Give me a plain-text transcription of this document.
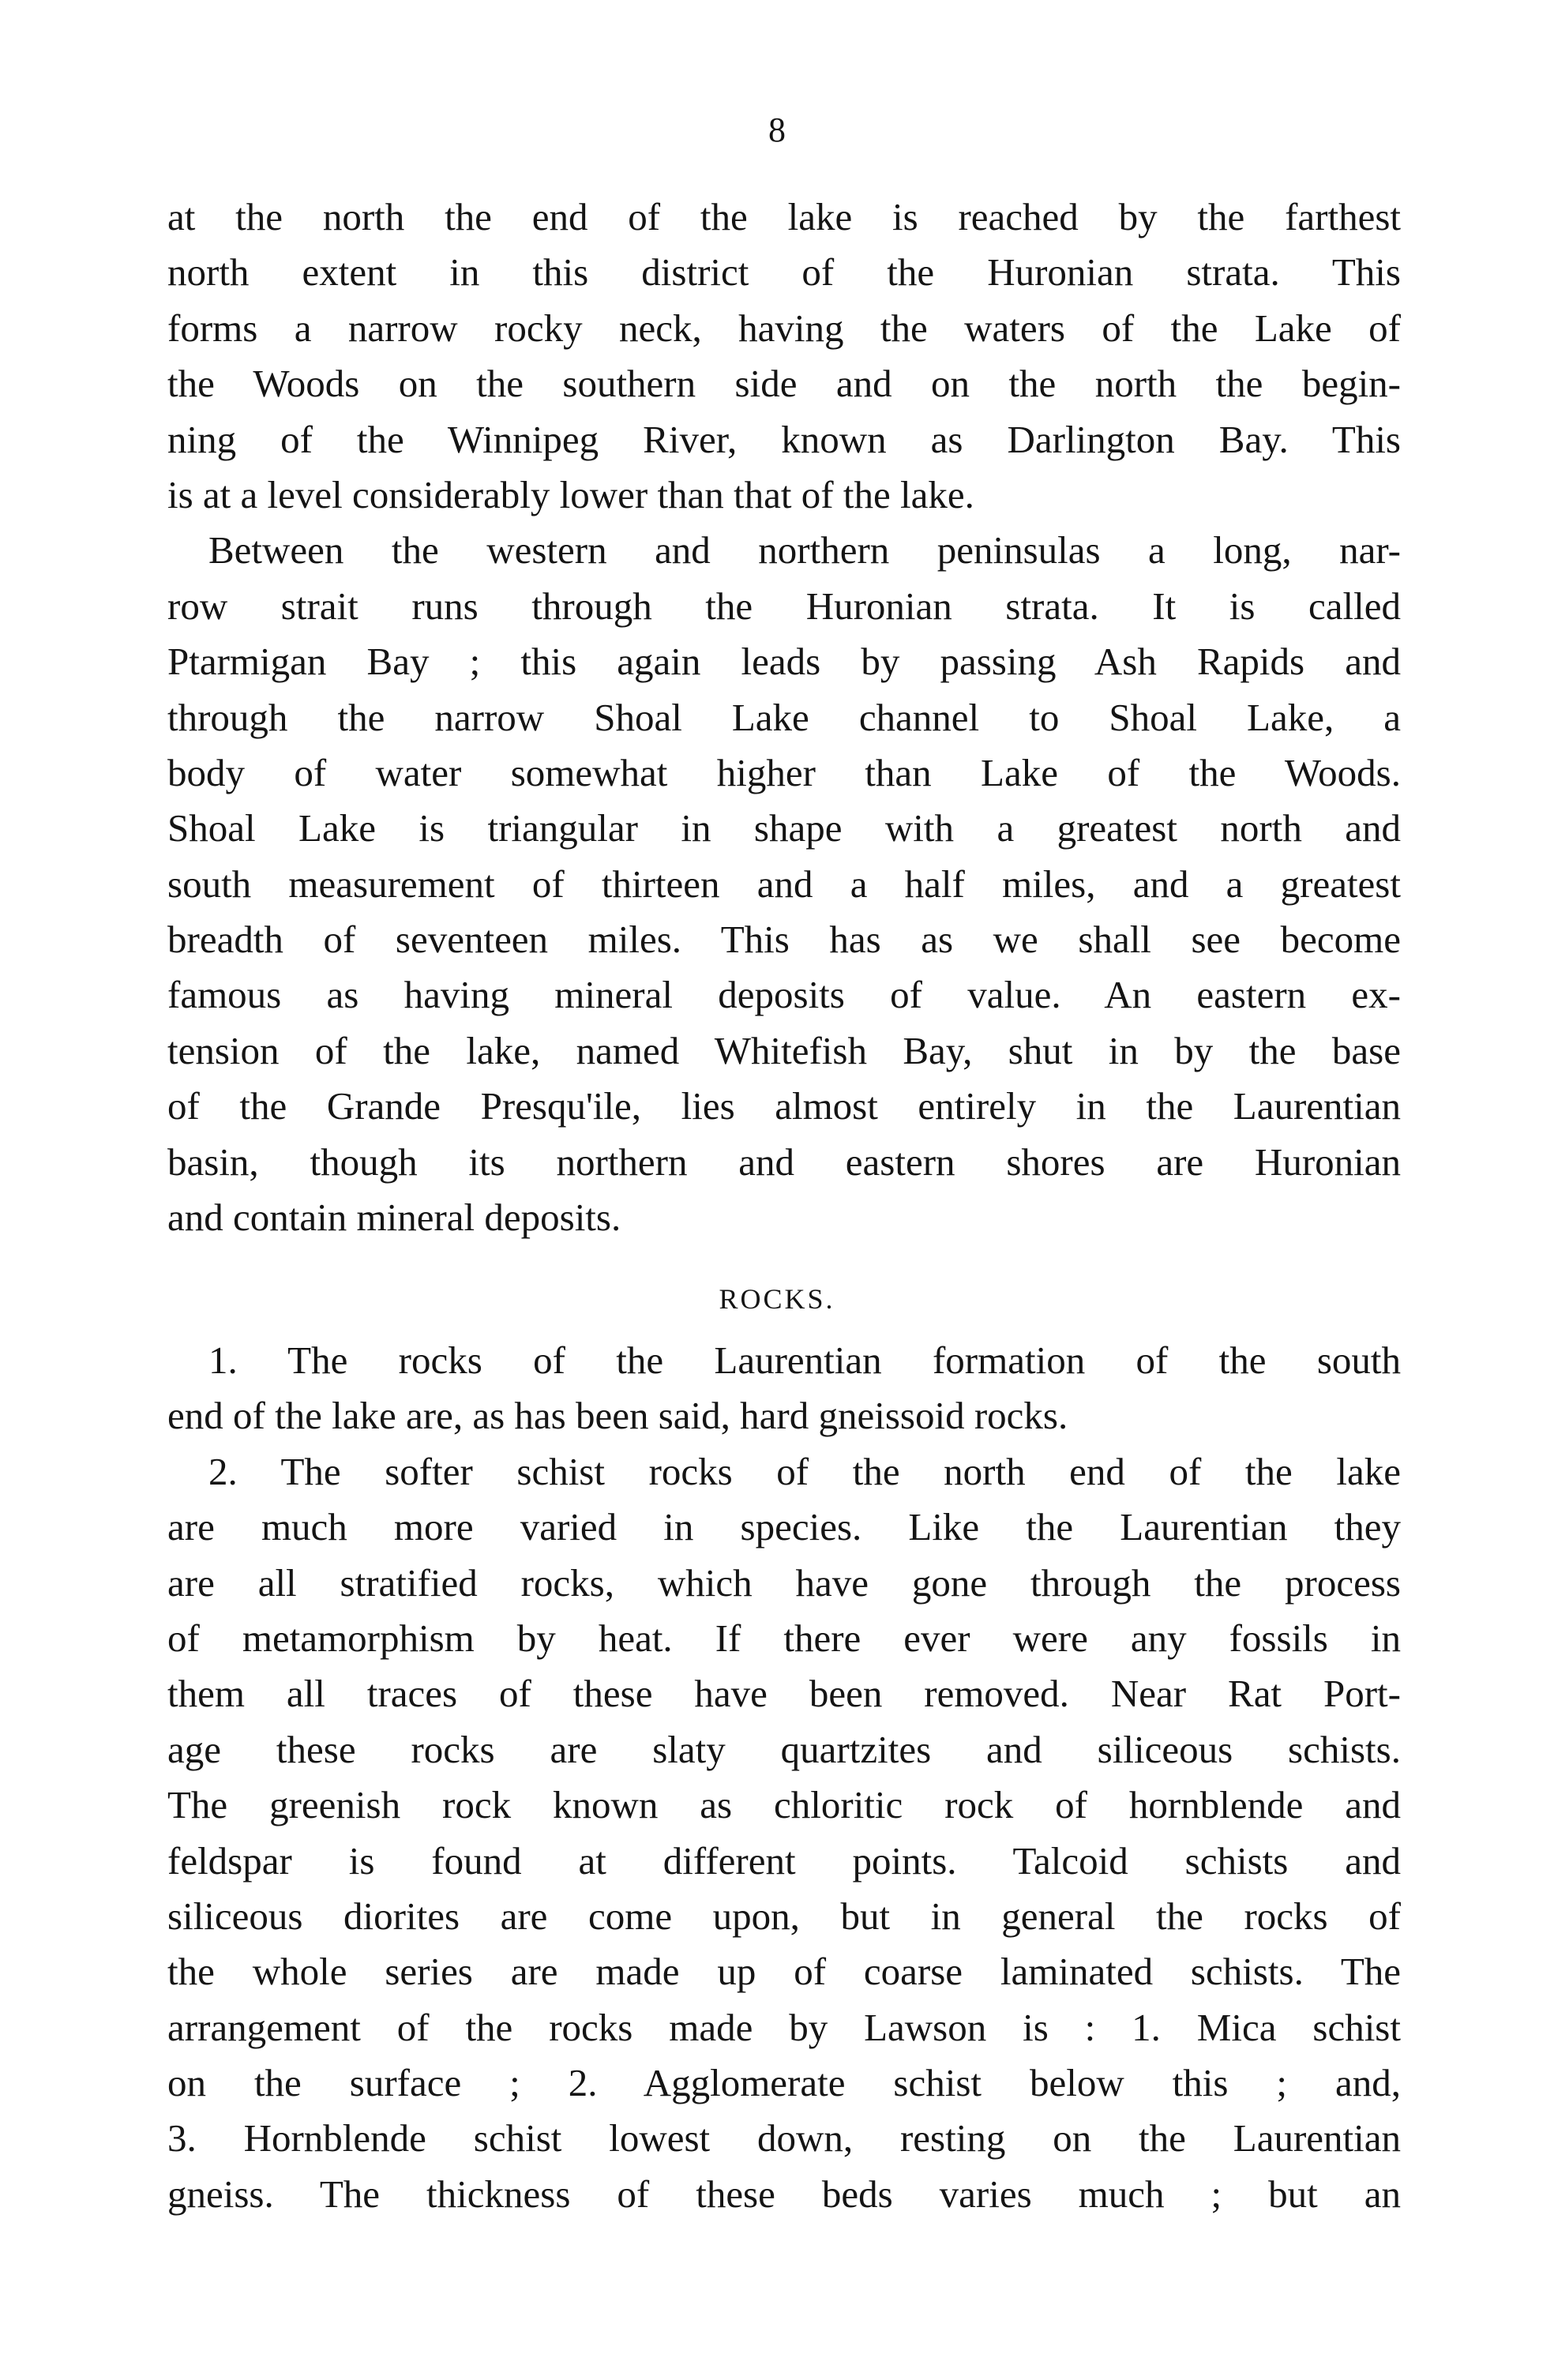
8
at the north the end of the lake is reached by the farthest
north extent in this district of the Huronian strata. This
forms a narrow rocky neck, having the waters of the Lake of
the Woods on the southern side and on the north the begin-
ning of the Winnipeg River, known as Darlington Bay. This
is at a level considerably lower than that of the lake.
Between the western and northern peninsulas a long, nar-
row strait runs through the Huronian strata. It is called
Ptarmigan Bay ; this again leads by passing Ash Rapids and
through the narrow Shoal Lake channel to Shoal Lake, a
body of water somewhat higher than Lake of the Woods.
Shoal Lake is triangular in shape with a greatest north and
south measurement of thirteen and a half miles, and a greatest
breadth of seventeen miles. This has as we shall see become
famous as having mineral deposits of value. An eastern ex-
tension of the lake, named Whitefish Bay, shut in by the base
of the Grande Presqu'ile, lies almost entirely in the Laurentian
basin, though its northern and eastern shores are Huronian
and contain mineral deposits.
ROCKS.
1. The rocks of the Laurentian formation of the south
end of the lake are, as has been said, hard gneissoid rocks.
2. The softer schist rocks of the north end of the lake
are much more varied in species. Like the Laurentian they
are all stratified rocks, which have gone through the process
of metamorphism by heat. If there ever were any fossils in
them all traces of these have been removed. Near Rat Port-
age these rocks are slaty quartzites and siliceous schists.
The greenish rock known as chloritic rock of hornblende and
feldspar is found at different points. Talcoid schists and
siliceous diorites are come upon, but in general the rocks of
the whole series are made up of coarse laminated schists. The
arrangement of the rocks made by Lawson is : 1. Mica schist
on the surface ; 2. Agglomerate schist below this ; and,
3. Hornblende schist lowest down, resting on the Laurentian
gneiss. The thickness of these beds varies much ; but an
